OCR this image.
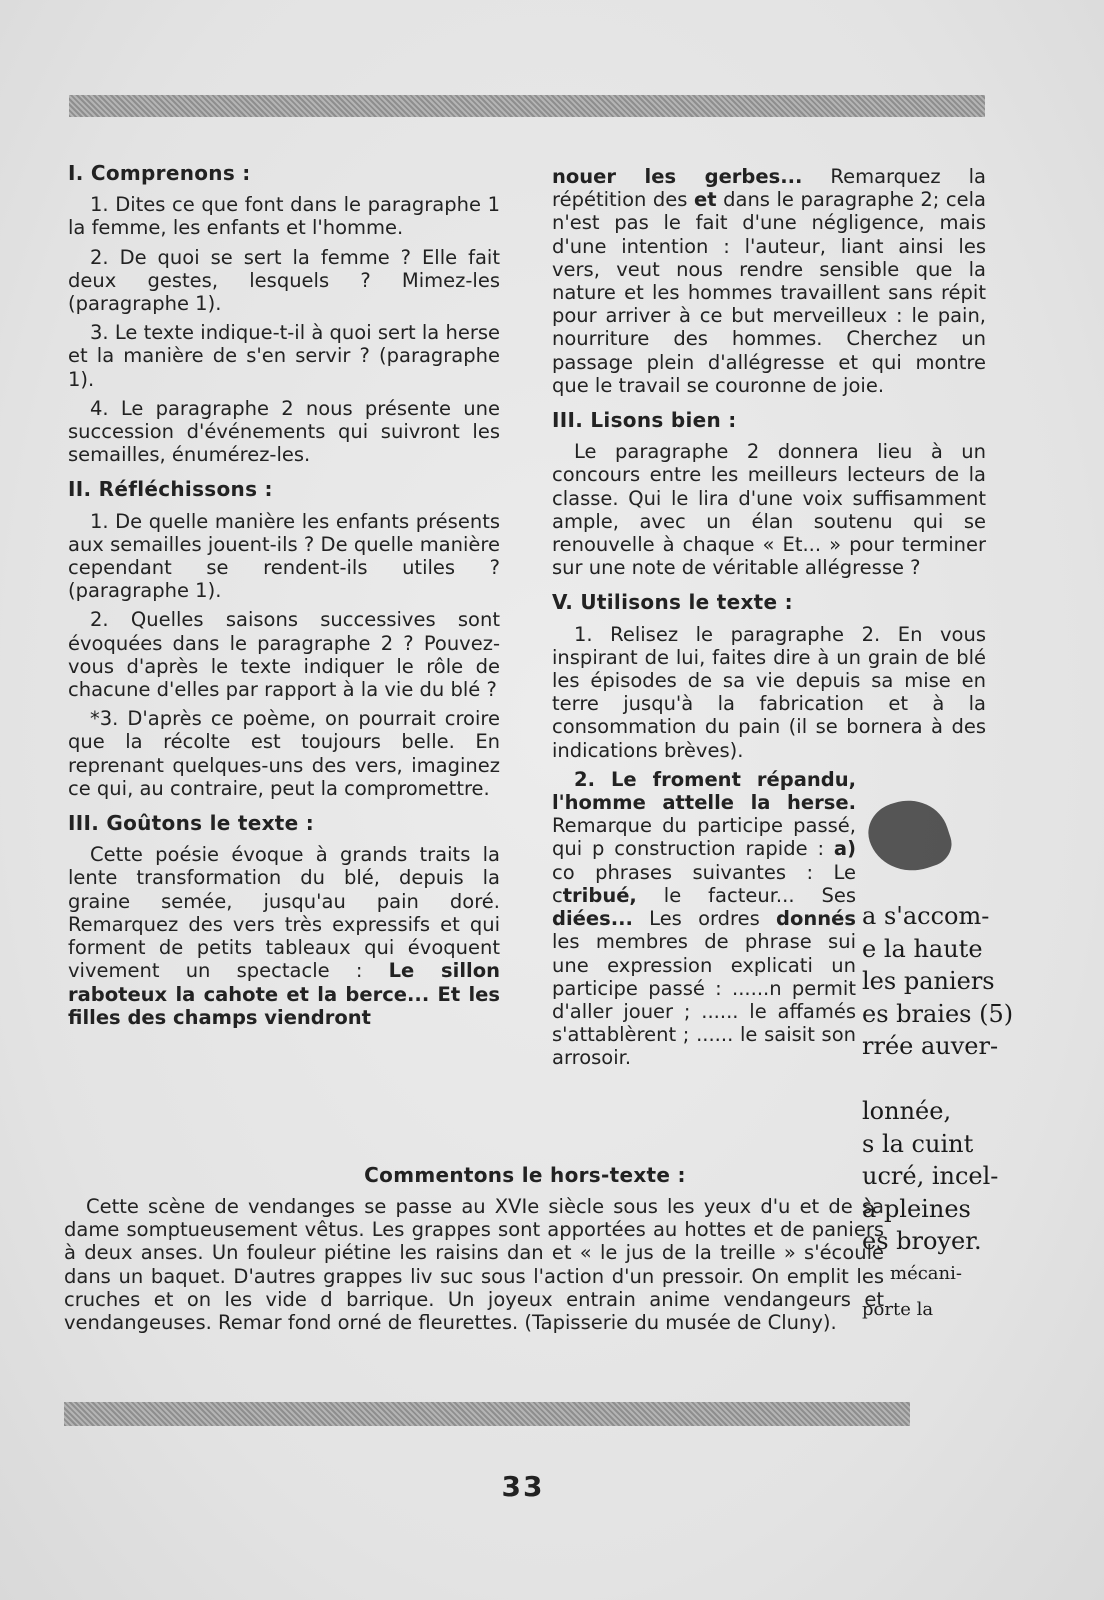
I. Comprenons :

1. Dites ce que font dans le paragraphe 1 la femme, les enfants et l'homme.

2. De quoi se sert la femme ? Elle fait deux gestes, lesquels ? Mimez-les (paragraphe 1).

3. Le texte indique-t-il à quoi sert la herse et la manière de s'en servir ? (paragraphe 1).

4. Le paragraphe 2 nous présente une succession d'événements qui suivront les semailles, énumérez-les.

II. Réfléchissons :

1. De quelle manière les enfants présents aux semailles jouent-ils ? De quelle manière cependant se rendent-ils utiles ? (paragraphe 1).

2. Quelles saisons successives sont évoquées dans le paragraphe 2 ? Pouvez-vous d'après le texte indiquer le rôle de chacune d'elles par rapport à la vie du blé ?

*3. D'après ce poème, on pourrait croire que la récolte est toujours belle. En reprenant quelques-uns des vers, imaginez ce qui, au contraire, peut la compromettre.

III. Goûtons le texte :

Cette poésie évoque à grands traits la lente transformation du blé, depuis la graine semée, jusqu'au pain doré. Remarquez des vers très expressifs et qui forment de petits tableaux qui évoquent vivement un spectacle : Le sillon raboteux la cahote et la berce... Et les filles des champs viendront

nouer les gerbes... Remarquez la répétition des et dans le paragraphe 2; cela n'est pas le fait d'une négligence, mais d'une intention : l'auteur, liant ainsi les vers, veut nous rendre sensible que la nature et les hommes travaillent sans répit pour arriver à ce but merveilleux : le pain, nourriture des hommes. Cherchez un passage plein d'allégresse et qui montre que le travail se couronne de joie.

III. Lisons bien :

Le paragraphe 2 donnera lieu à un concours entre les meilleurs lecteurs de la classe. Qui le lira d'une voix suffisamment ample, avec un élan soutenu qui se renouvelle à chaque « Et... » pour terminer sur une note de véritable allégresse ?

V. Utilisons le texte :

1. Relisez le paragraphe 2. En vous inspirant de lui, faites dire à un grain de blé les épisodes de sa vie depuis sa mise en terre jusqu'à la fabrication et à la consommation du pain (il se bornera à des indications brèves).

2. Le froment répandu, l'homme attelle la herse. Remarque du participe passé, qui p construction rapide : a) co phrases suivantes : Le ctribué, le facteur... Ses diées... Les ordres donnés les membres de phrase sui une expression explicati un participe passé : ......n permit d'aller jouer ; ...... le affamés s'attablèrent ; ...... le saisit son arrosoir.

a s'accom-
e la haute
les paniers
es braies (5)
rrée auver-

lonnée,
s la cuint
ucré, incel-
à pleines
es broyer.
mécani-
porte la
Commentons le hors-texte :

Cette scène de vendanges se passe au XVIe siècle sous les yeux d'u et de sa dame somptueusement vêtus. Les grappes sont apportées au hottes et de paniers à deux anses. Un fouleur piétine les raisins dan et « le jus de la treille » s'écoule dans un baquet. D'autres grappes liv suc sous l'action d'un pressoir. On emplit les cruches et on les vide d barrique. Un joyeux entrain anime vendangeurs et vendangeuses. Remar fond orné de fleurettes. (Tapisserie du musée de Cluny).

33
